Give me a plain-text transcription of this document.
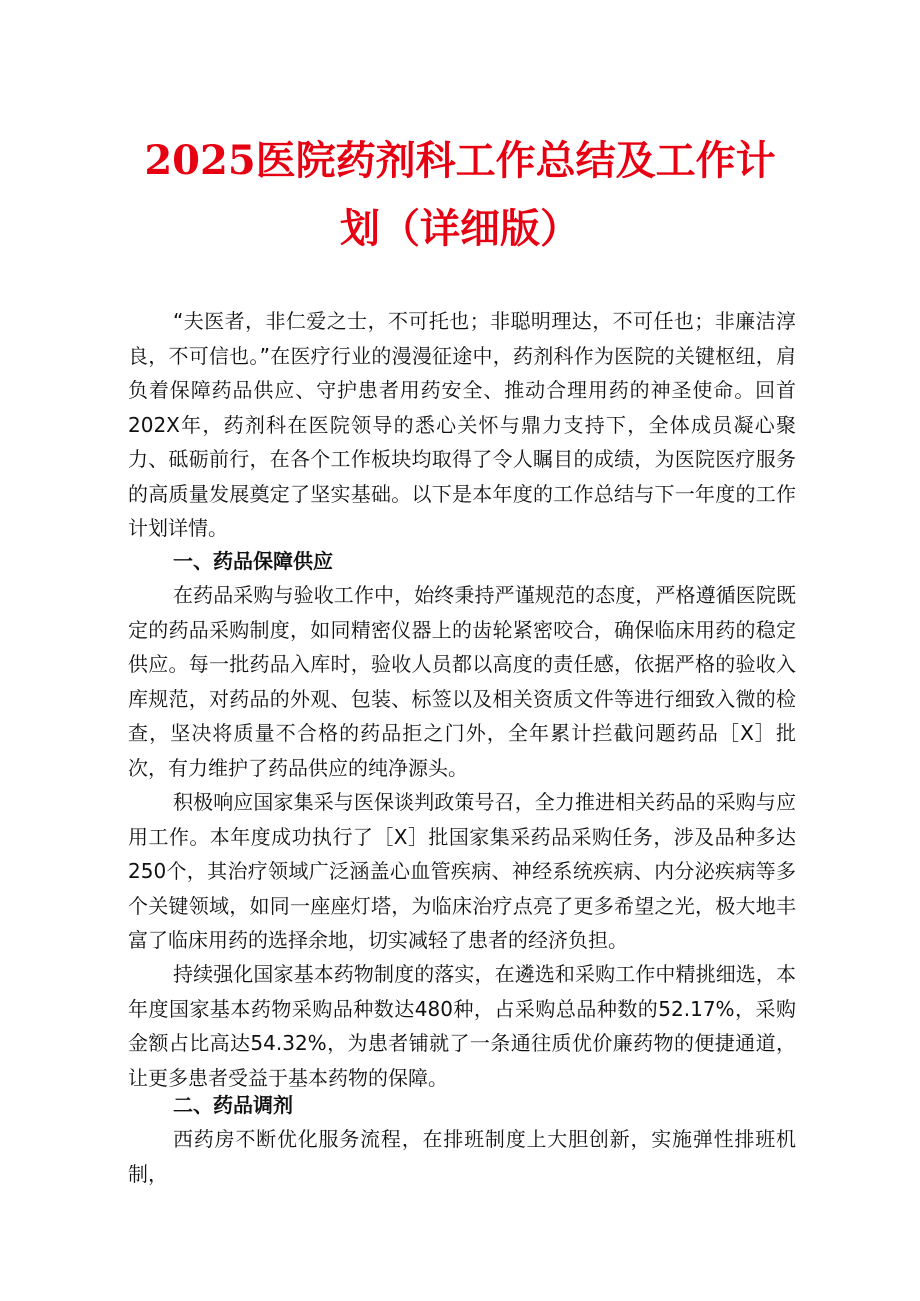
2025医院药剂科工作总结及工作计
划（详细版）

“夫医者，非仁爱之士，不可托也；非聪明理达，不可任也；非廉洁淳良，不可信也。”在医疗行业的漫漫征途中，药剂科作为医院的关键枢纽，肩负着保障药品供应、守护患者用药安全、推动合理用药的神圣使命。回首202X年，药剂科在医院领导的悉心关怀与鼎力支持下，全体成员凝心聚力、砥砺前行，在各个工作板块均取得了令人瞩目的成绩，为医院医疗服务的高质量发展奠定了坚实基础。以下是本年度的工作总结与下一年度的工作计划详情。

一、药品保障供应

在药品采购与验收工作中，始终秉持严谨规范的态度，严格遵循医院既定的药品采购制度，如同精密仪器上的齿轮紧密咬合，确保临床用药的稳定供应。每一批药品入库时，验收人员都以高度的责任感，依据严格的验收入库规范，对药品的外观、包装、标签以及相关资质文件等进行细致入微的检查，坚决将质量不合格的药品拒之门外，全年累计拦截问题药品［X］批次，有力维护了药品供应的纯净源头。

积极响应国家集采与医保谈判政策号召，全力推进相关药品的采购与应用工作。本年度成功执行了［X］批国家集采药品采购任务，涉及品种多达250个，其治疗领域广泛涵盖心血管疾病、神经系统疾病、内分泌疾病等多个关键领域，如同一座座灯塔，为临床治疗点亮了更多希望之光，极大地丰富了临床用药的选择余地，切实减轻了患者的经济负担。

持续强化国家基本药物制度的落实，在遴选和采购工作中精挑细选，本年度国家基本药物采购品种数达480种，占采购总品种数的52.17%，采购金额占比高达54.32%，为患者铺就了一条通往质优价廉药物的便捷通道，让更多患者受益于基本药物的保障。

二、药品调剂

西药房不断优化服务流程，在排班制度上大胆创新，实施弹性排班机制，
